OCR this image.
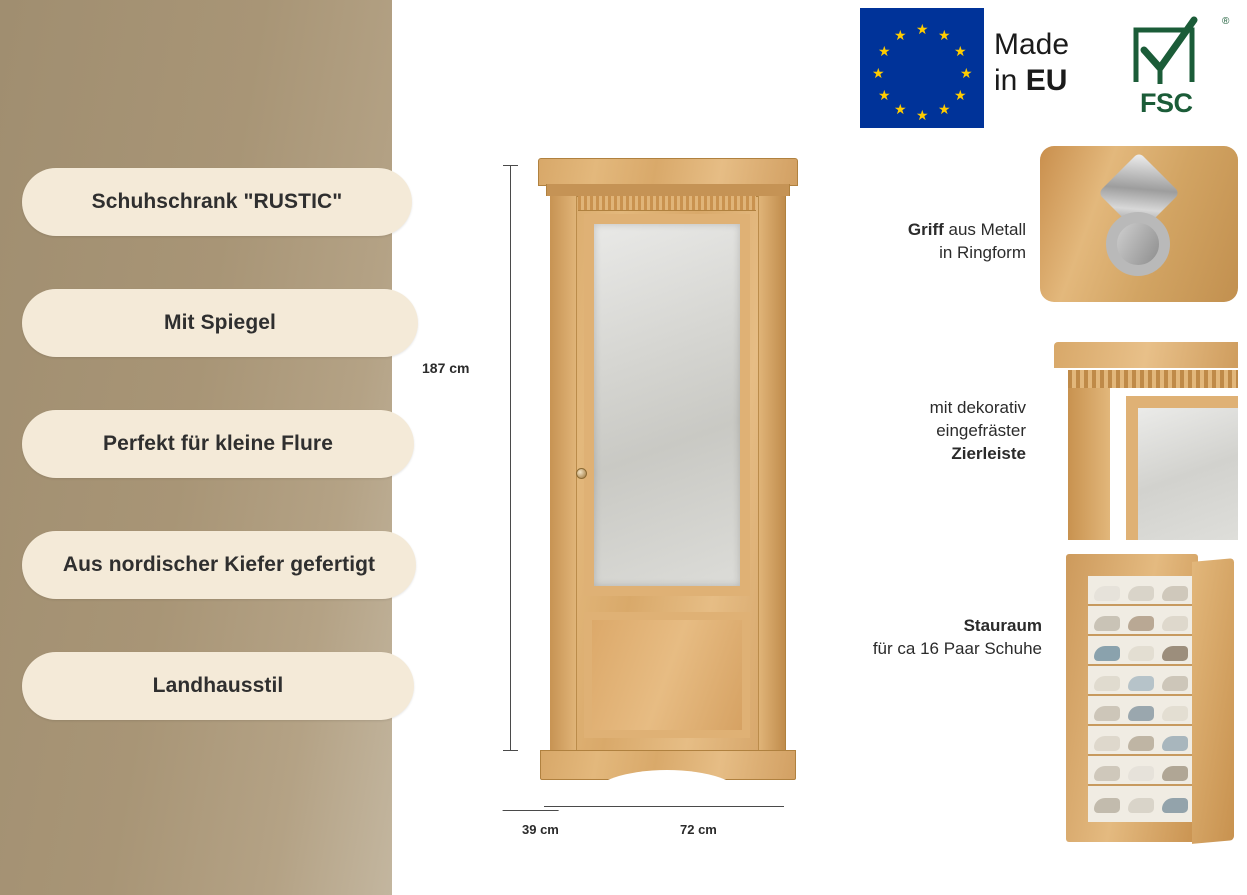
Schuhschrank "RUSTIC"
Mit Spiegel
Perfekt für kleine Flure
Aus nordischer Kiefer gefertigt
Landhausstil
187 cm
39 cm	72 cm
★ ★
★
★
★
★
★
★
★
★
★
★	Made
in EU
®
FSC
Griff aus Metall
in Ringform
mit dekorativ
eingefräster
Zierleiste
Stauraum
für ca 16 Paar Schuhe
